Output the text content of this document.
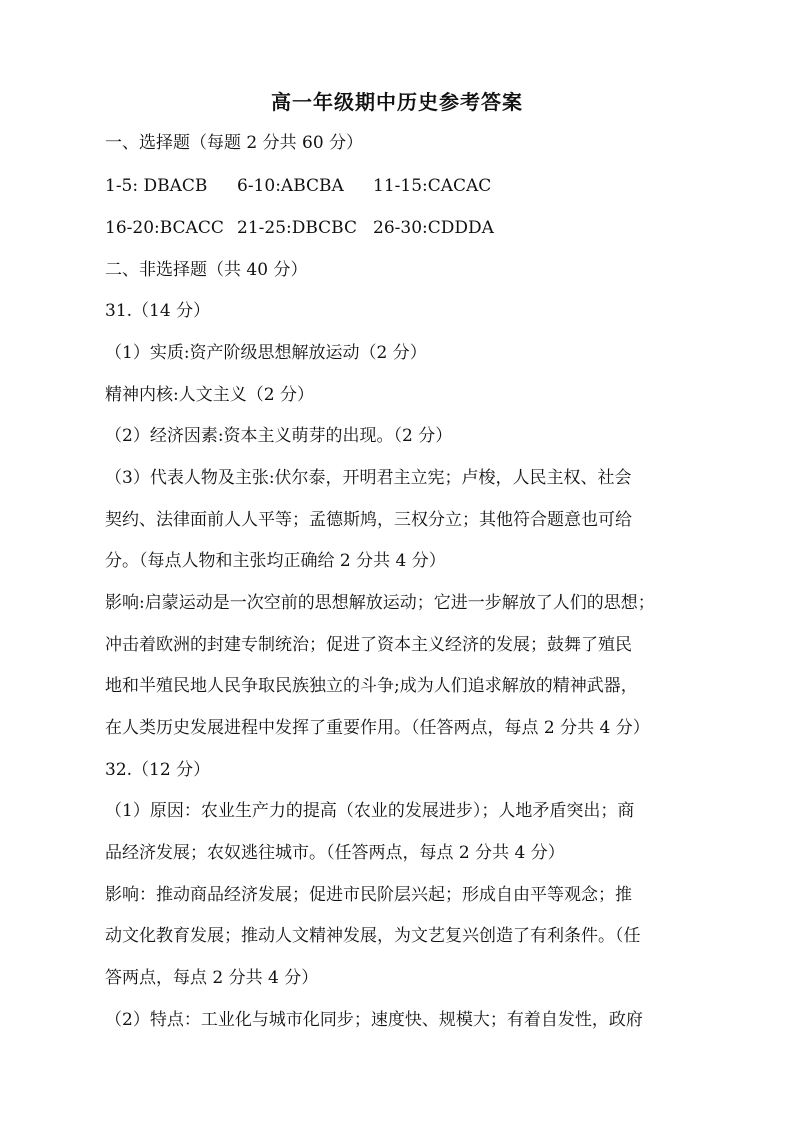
高一年级期中历史参考答案
一、选择题（每题 2 分共 60 分）
1-5: DBACB 6-10:ABCBA 11-15:CACAC
16-20:BCACC 21-25:DBCBC 26-30:CDDDA
二、非选择题（共 40 分）
31.（14 分）
（1）实质:资产阶级思想解放运动（2 分）
精神内核:人文主义（2 分）
（2）经济因素:资本主义萌芽的出现。（2 分）
（3）代表人物及主张:伏尔泰，开明君主立宪；卢梭，人民主权、社会
契约、法律面前人人平等；孟德斯鸠，三权分立；其他符合题意也可给
分。（每点人物和主张均正确给 2 分共 4 分）
影响:启蒙运动是一次空前的思想解放运动；它进一步解放了人们的思想；
冲击着欧洲的封建专制统治；促进了资本主义经济的发展；鼓舞了殖民
地和半殖民地人民争取民族独立的斗争;成为人们追求解放的精神武器，
在人类历史发展进程中发挥了重要作用。（任答两点，每点 2 分共 4 分）
32.（12 分）
（1）原因：农业生产力的提高（农业的发展进步）；人地矛盾突出；商
品经济发展；农奴逃往城市。（任答两点，每点 2 分共 4 分）
影响：推动商品经济发展；促进市民阶层兴起；形成自由平等观念；推
动文化教育发展；推动人文精神发展，为文艺复兴创造了有利条件。（任
答两点，每点 2 分共 4 分）
（2）特点：工业化与城市化同步；速度快、规模大；有着自发性，政府
